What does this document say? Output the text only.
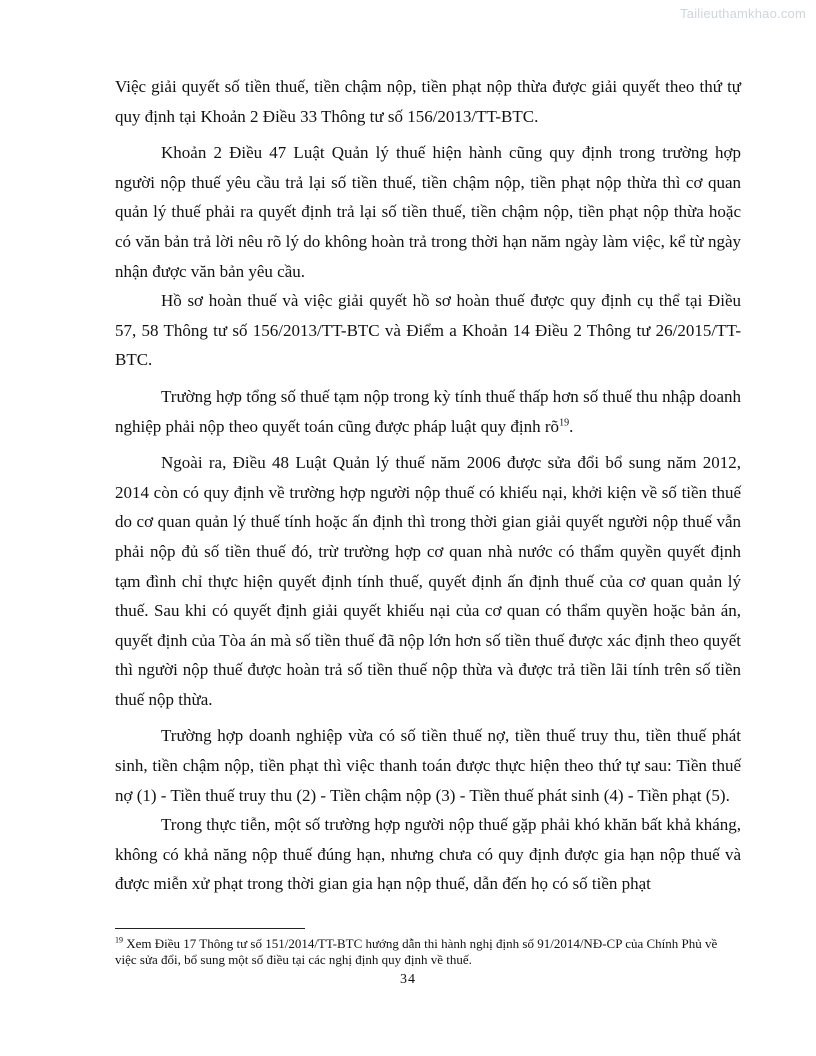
Tailieuthamkhao.com

Việc giải quyết số tiền thuế, tiền chậm nộp, tiền phạt nộp thừa được giải quyết theo thứ tự quy định tại Khoản 2 Điều 33 Thông tư số 156/2013/TT-BTC.

Khoản 2 Điều 47 Luật Quản lý thuế hiện hành cũng quy định trong trường hợp người nộp thuế yêu cầu trả lại số tiền thuế, tiền chậm nộp, tiền phạt nộp thừa thì cơ quan quản lý thuế phải ra quyết định trả lại số tiền thuế, tiền chậm nộp, tiền phạt nộp thừa hoặc có văn bản trả lời nêu rõ lý do không hoàn trả trong thời hạn năm ngày làm việc, kể từ ngày nhận được văn bản yêu cầu.

Hồ sơ hoàn thuế và việc giải quyết hồ sơ hoàn thuế được quy định cụ thể tại Điều 57, 58 Thông tư số 156/2013/TT-BTC và Điểm a Khoản 14 Điều 2 Thông tư 26/2015/TT-BTC.

Trường hợp tổng số thuế tạm nộp trong kỳ tính thuế thấp hơn số thuế thu nhập doanh nghiệp phải nộp theo quyết toán cũng được pháp luật quy định $rõ^{19}$.

Ngoài ra, Điều 48 Luật Quản lý thuế năm 2006 được sửa đổi bổ sung năm 2012, 2014 còn có quy định về trường hợp người nộp thuế có khiếu nại, khởi kiện về số tiền thuế do cơ quan quản lý thuế tính hoặc ấn định thì trong thời gian giải quyết người nộp thuế vẫn phải nộp đủ số tiền thuế đó, trừ trường hợp cơ quan nhà nước có thẩm quyền quyết định tạm đình chỉ thực hiện quyết định tính thuế, quyết định ấn định thuế của cơ quan quản lý thuế. Sau khi có quyết định giải quyết khiếu nại của cơ quan có thẩm quyền hoặc bản án, quyết định của Tòa án mà số tiền thuế đã nộp lớn hơn số tiền thuế được xác định theo quyết thì người nộp thuế được hoàn trả số tiền thuế nộp thừa và được trả tiền lãi tính trên số tiền thuế nộp thừa.

Trường hợp doanh nghiệp vừa có số tiền thuế nợ, tiền thuế truy thu, tiền thuế phát sinh, tiền chậm nộp, tiền phạt thì việc thanh toán được thực hiện theo thứ tự sau: Tiền thuế nợ (1) - Tiền thuế truy thu (2) - Tiền chậm nộp (3) - Tiền thuế phát sinh (4) - Tiền phạt (5).

Trong thực tiễn, một số trường hợp người nộp thuế gặp phải khó khăn bất khả kháng, không có khả năng nộp thuế đúng hạn, nhưng chưa có quy định được gia hạn nộp thuế và được miễn xử phạt trong thời gian gia hạn nộp thuế, dẫn đến họ có số tiền phạt

$^{19}$ Xem Điều 17 Thông tư số 151/2014/TT-BTC hướng dẫn thi hành nghị định số 91/2014/NĐ-CP của Chính Phủ về việc sửa đổi, bổ sung một số điều tại các nghị định quy định về thuế.
34
